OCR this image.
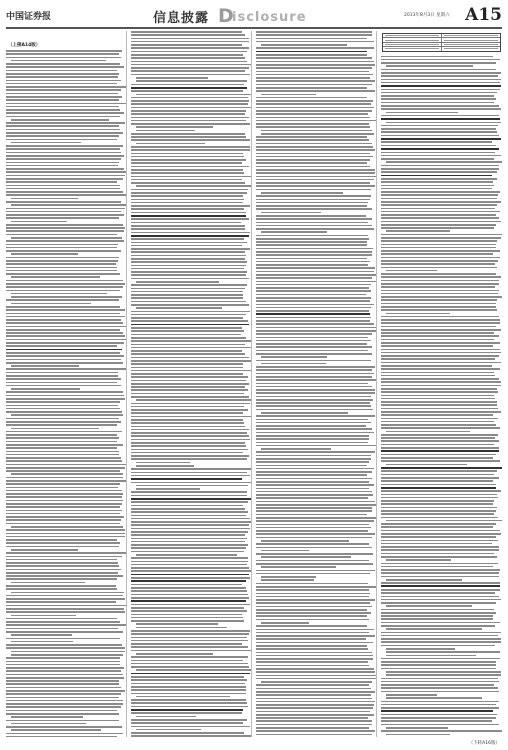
中国证券报	信息披露 D
isclosure	2013年8月3日 星期六 A15
（上接A14版）
（下转A16版）
